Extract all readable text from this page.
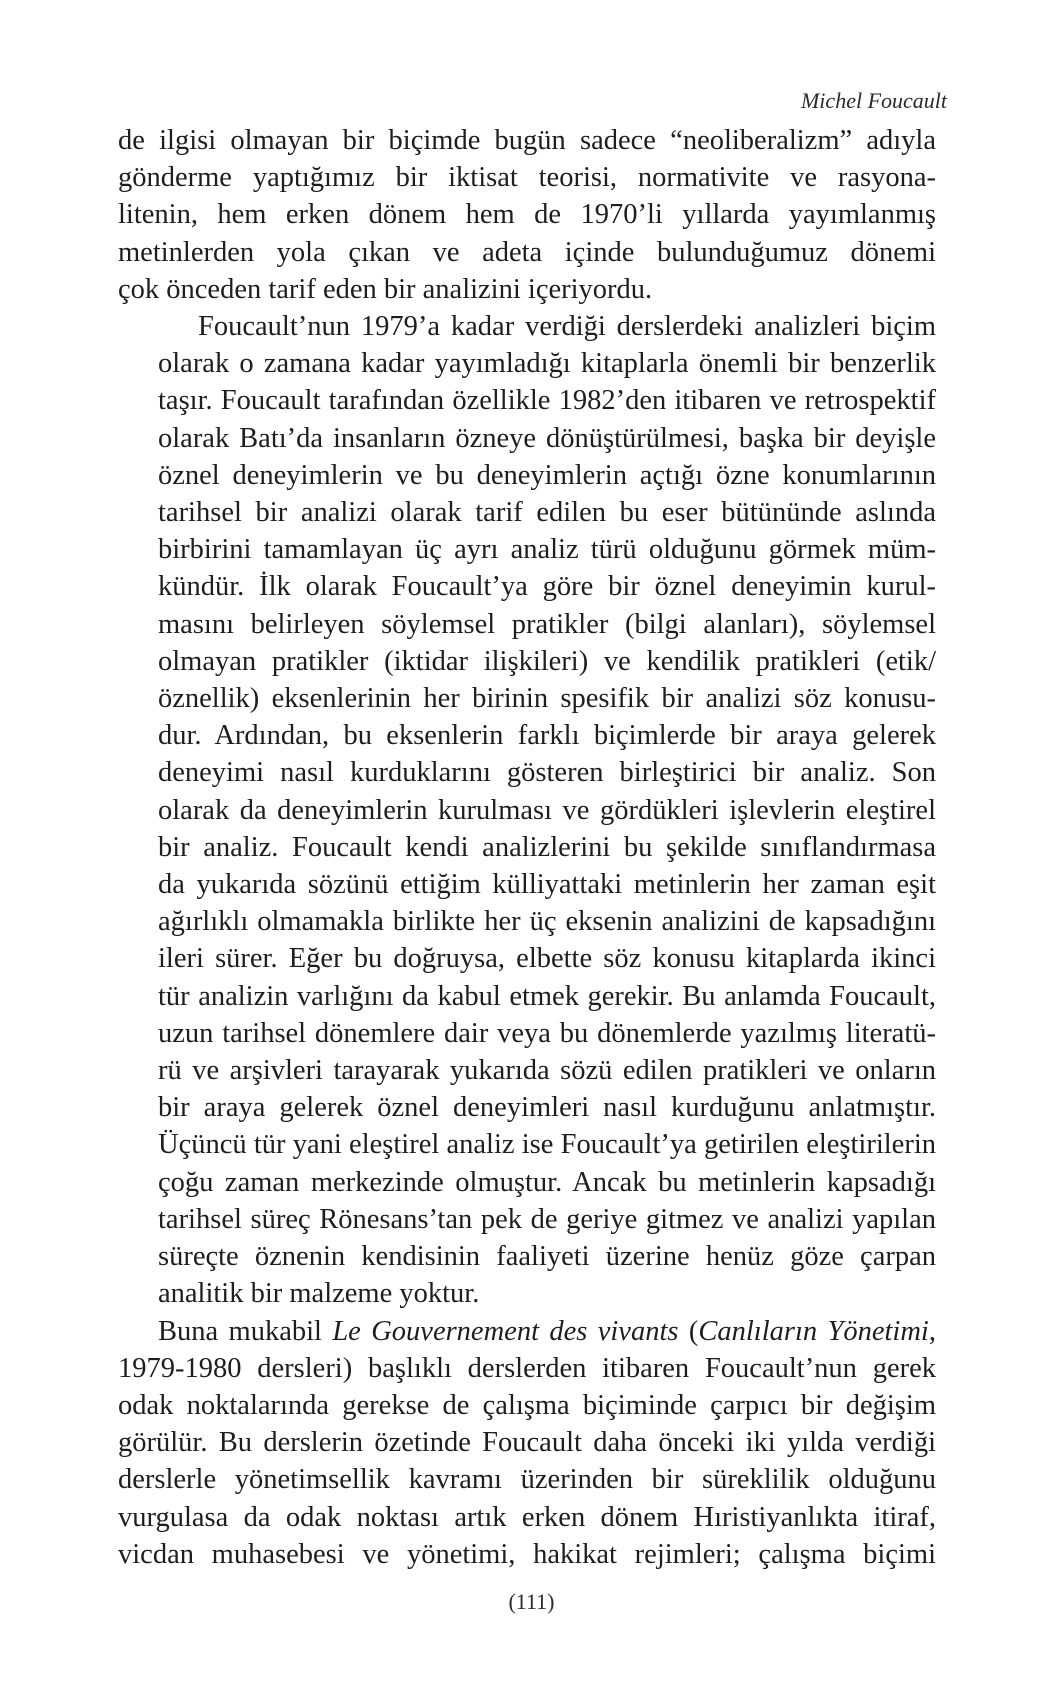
Michel Foucault

de ilgisi olmayan bir biçimde bugün sadece “neoliberalizm” adıyla
gönderme yaptığımız bir iktisat teorisi, normativite ve rasyona-
litenin, hem erken dönem hem de 1970’li yıllarda yayımlanmış
metinlerden yola çıkan ve adeta içinde bulunduğumuz dönemi
çok önceden tarif eden bir analizini içeriyordu.

Foucault’nun 1979’a kadar verdiği derslerdeki analizleri biçim
olarak o zamana kadar yayımladığı kitaplarla önemli bir benzerlik
taşır. Foucault tarafından özellikle 1982’den itibaren ve retrospektif
olarak Batı’da insanların özneye dönüştürülmesi, başka bir deyişle
öznel deneyimlerin ve bu deneyimlerin açtığı özne konumlarının
tarihsel bir analizi olarak tarif edilen bu eser bütününde aslında
birbirini tamamlayan üç ayrı analiz türü olduğunu görmek müm-
kündür. İlk olarak Foucault’ya göre bir öznel deneyimin kurul-
masını belirleyen söylemsel pratikler (bilgi alanları), söylemsel
olmayan pratikler (iktidar ilişkileri) ve kendilik pratikleri (etik/
öznellik) eksenlerinin her birinin spesifik bir analizi söz konusu-
dur. Ardından, bu eksenlerin farklı biçimlerde bir araya gelerek
deneyimi nasıl kurduklarını gösteren birleştirici bir analiz. Son
olarak da deneyimlerin kurulması ve gördükleri işlevlerin eleştirel
bir analiz. Foucault kendi analizlerini bu şekilde sınıflandırmasa
da yukarıda sözünü ettiğim külliyattaki metinlerin her zaman eşit
ağırlıklı olmamakla birlikte her üç eksenin analizini de kapsadığını
ileri sürer. Eğer bu doğruysa, elbette söz konusu kitaplarda ikinci
tür analizin varlığını da kabul etmek gerekir. Bu anlamda Foucault,
uzun tarihsel dönemlere dair veya bu dönemlerde yazılmış literatü-
rü ve arşivleri tarayarak yukarıda sözü edilen pratikleri ve onların
bir araya gelerek öznel deneyimleri nasıl kurduğunu anlatmıştır.
Üçüncü tür yani eleştirel analiz ise Foucault’ya getirilen eleştirilerin
çoğu zaman merkezinde olmuştur. Ancak bu metinlerin kapsadığı
tarihsel süreç Rönesans’tan pek de geriye gitmez ve analizi yapılan
süreçte öznenin kendisinin faaliyeti üzerine henüz göze çarpan
analitik bir malzeme yoktur.

Buna mukabil Le Gouvernement des vivants (Canlıların Yönetimi,
1979-1980 dersleri) başlıklı derslerden itibaren Foucault’nun gerek
odak noktalarında gerekse de çalışma biçiminde çarpıcı bir değişim
görülür. Bu derslerin özetinde Foucault daha önceki iki yılda verdiği
derslerle yönetimsellik kavramı üzerinden bir süreklilik olduğunu
vurgulasa da odak noktası artık erken dönem Hıristiyanlıkta itiraf,
vicdan muhasebesi ve yönetimi, hakikat rejimleri; çalışma biçimi

(111)
